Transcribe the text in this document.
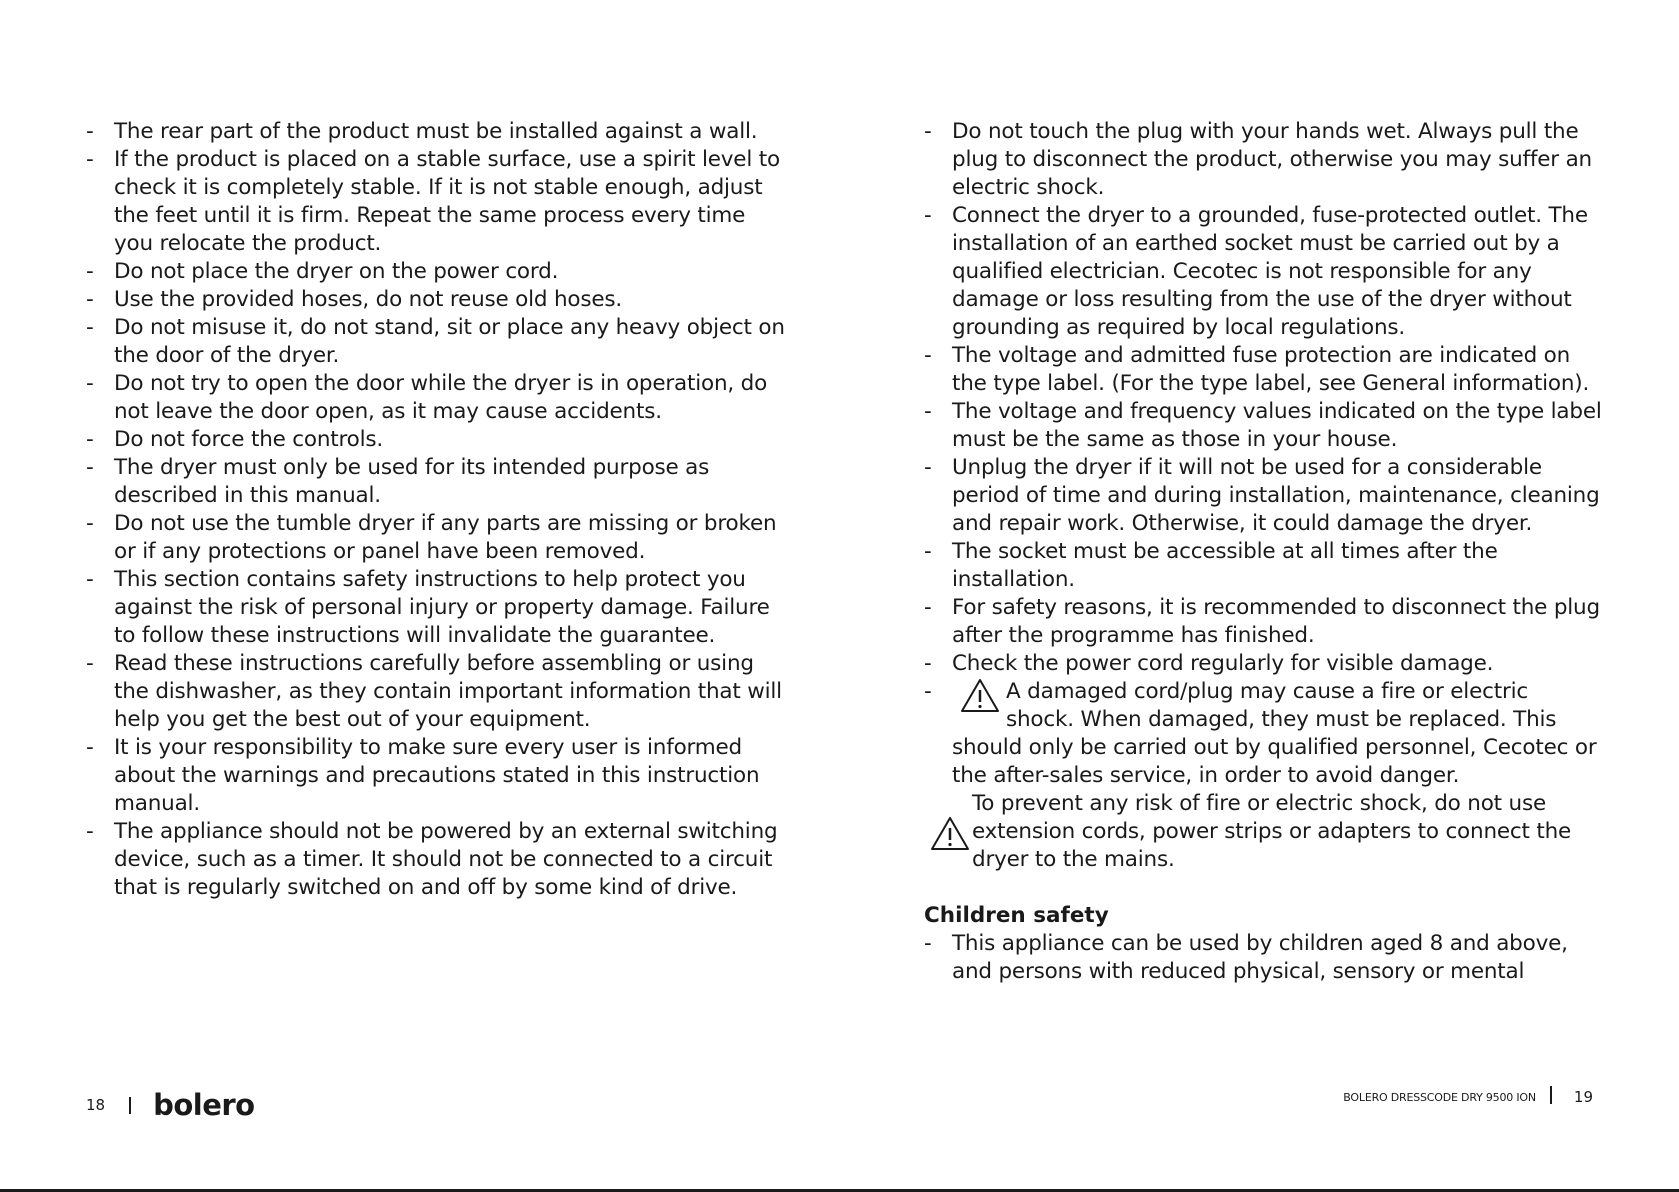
- The rear part of the product must be installed against a wall.
- If the product is placed on a stable surface, use a spirit level to check it is completely stable. If it is not stable enough, adjust the feet until it is firm. Repeat the same process every time you relocate the product.
- Do not place the dryer on the power cord.
- Use the provided hoses, do not reuse old hoses.
- Do not misuse it, do not stand, sit or place any heavy object on the door of the dryer.
- Do not try to open the door while the dryer is in operation, do not leave the door open, as it may cause accidents.
- Do not force the controls.
- The dryer must only be used for its intended purpose as described in this manual.
- Do not use the tumble dryer if any parts are missing or broken or if any protections or panel have been removed.
- This section contains safety instructions to help protect you against the risk of personal injury or property damage. Failure to follow these instructions will invalidate the guarantee.
- Read these instructions carefully before assembling or using the dishwasher, as they contain important information that will help you get the best out of your equipment.
- It is your responsibility to make sure every user is informed about the warnings and precautions stated in this instruction manual.
- The appliance should not be powered by an external switching device, such as a timer. It should not be connected to a circuit that is regularly switched on and off by some kind of drive.
- Do not touch the plug with your hands wet. Always pull the plug to disconnect the product, otherwise you may suffer an electric shock.
- Connect the dryer to a grounded, fuse-protected outlet. The installation of an earthed socket must be carried out by a qualified electrician. Cecotec is not responsible for any damage or loss resulting from the use of the dryer without grounding as required by local regulations.
- The voltage and admitted fuse protection are indicated on the type label. (For the type label, see General information).
- The voltage and frequency values indicated on the type label must be the same as those in your house.
- Unplug the dryer if it will not be used for a considerable period of time and during installation, maintenance, cleaning and repair work. Otherwise, it could damage the dryer.
- The socket must be accessible at all times after the installation.
- For safety reasons, it is recommended to disconnect the plug after the programme has finished.
- Check the power cord regularly for visible damage.
- A damaged cord/plug may cause a fire or electric
shock. When damaged, they must be replaced. This
should only be carried out by qualified personnel, Cecotec or the after-sales service, in order to avoid danger.
To prevent any risk of fire or electric shock, do not use extension cords, power strips or adapters to connect the dryer to the mains.
Children safety
- This appliance can be used by children aged 8 and above, and persons with reduced physical, sensory or mental
18 bolero	BOLERO DRESSCODE DRY 9500 ION	19
